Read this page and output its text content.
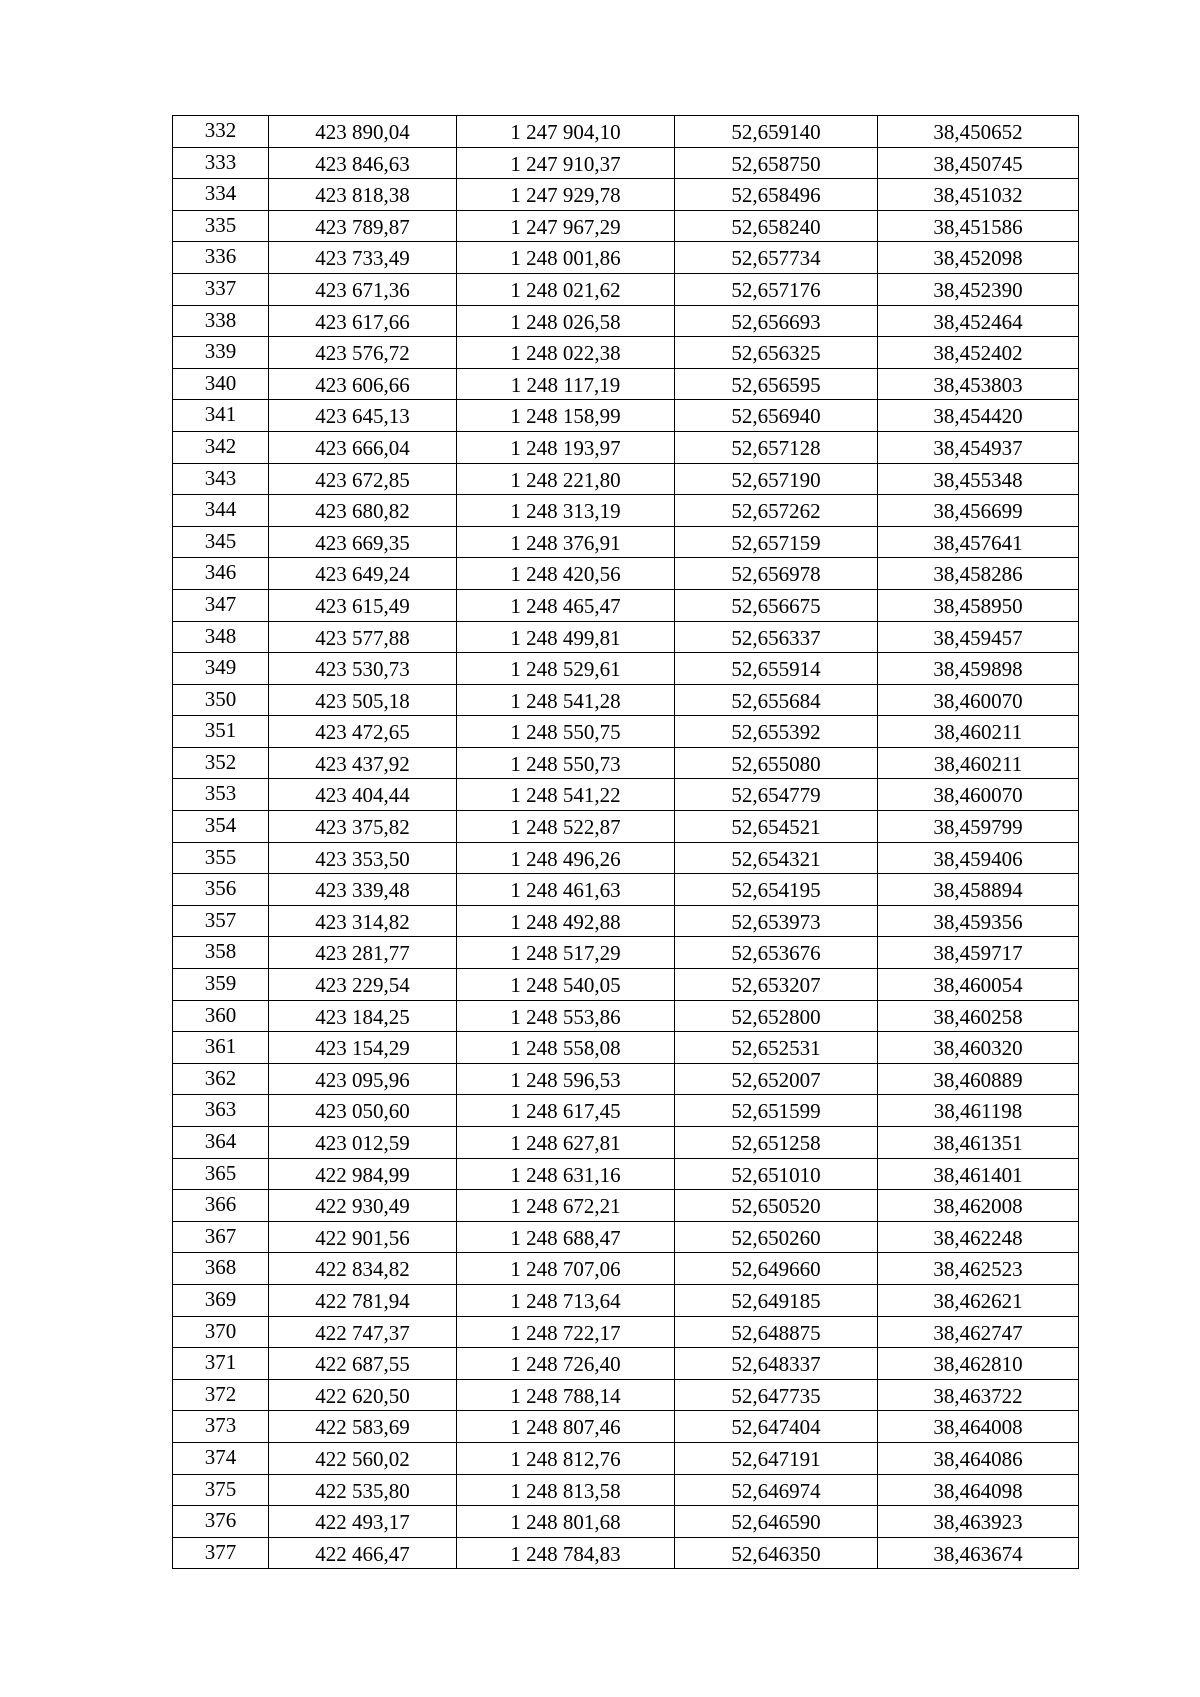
332	423 890,04	1 247 904,10	52,659140	38,450652
333	423 846,63	1 247 910,37	52,658750	38,450745
334	423 818,38	1 247 929,78	52,658496	38,451032
335	423 789,87	1 247 967,29	52,658240	38,451586
336	423 733,49	1 248 001,86	52,657734	38,452098
337	423 671,36	1 248 021,62	52,657176	38,452390
338	423 617,66	1 248 026,58	52,656693	38,452464
339	423 576,72	1 248 022,38	52,656325	38,452402
340	423 606,66	1 248 117,19	52,656595	38,453803
341	423 645,13	1 248 158,99	52,656940	38,454420
342	423 666,04	1 248 193,97	52,657128	38,454937
343	423 672,85	1 248 221,80	52,657190	38,455348
344	423 680,82	1 248 313,19	52,657262	38,456699
345	423 669,35	1 248 376,91	52,657159	38,457641
346	423 649,24	1 248 420,56	52,656978	38,458286
347	423 615,49	1 248 465,47	52,656675	38,458950
348	423 577,88	1 248 499,81	52,656337	38,459457
349	423 530,73	1 248 529,61	52,655914	38,459898
350	423 505,18	1 248 541,28	52,655684	38,460070
351	423 472,65	1 248 550,75	52,655392	38,460211
352	423 437,92	1 248 550,73	52,655080	38,460211
353	423 404,44	1 248 541,22	52,654779	38,460070
354	423 375,82	1 248 522,87	52,654521	38,459799
355	423 353,50	1 248 496,26	52,654321	38,459406
356	423 339,48	1 248 461,63	52,654195	38,458894
357	423 314,82	1 248 492,88	52,653973	38,459356
358	423 281,77	1 248 517,29	52,653676	38,459717
359	423 229,54	1 248 540,05	52,653207	38,460054
360	423 184,25	1 248 553,86	52,652800	38,460258
361	423 154,29	1 248 558,08	52,652531	38,460320
362	423 095,96	1 248 596,53	52,652007	38,460889
363	423 050,60	1 248 617,45	52,651599	38,461198
364	423 012,59	1 248 627,81	52,651258	38,461351
365	422 984,99	1 248 631,16	52,651010	38,461401
366	422 930,49	1 248 672,21	52,650520	38,462008
367	422 901,56	1 248 688,47	52,650260	38,462248
368	422 834,82	1 248 707,06	52,649660	38,462523
369	422 781,94	1 248 713,64	52,649185	38,462621
370	422 747,37	1 248 722,17	52,648875	38,462747
371	422 687,55	1 248 726,40	52,648337	38,462810
372	422 620,50	1 248 788,14	52,647735	38,463722
373	422 583,69	1 248 807,46	52,647404	38,464008
374	422 560,02	1 248 812,76	52,647191	38,464086
375	422 535,80	1 248 813,58	52,646974	38,464098
376	422 493,17	1 248 801,68	52,646590	38,463923
377	422 466,47	1 248 784,83	52,646350	38,463674
